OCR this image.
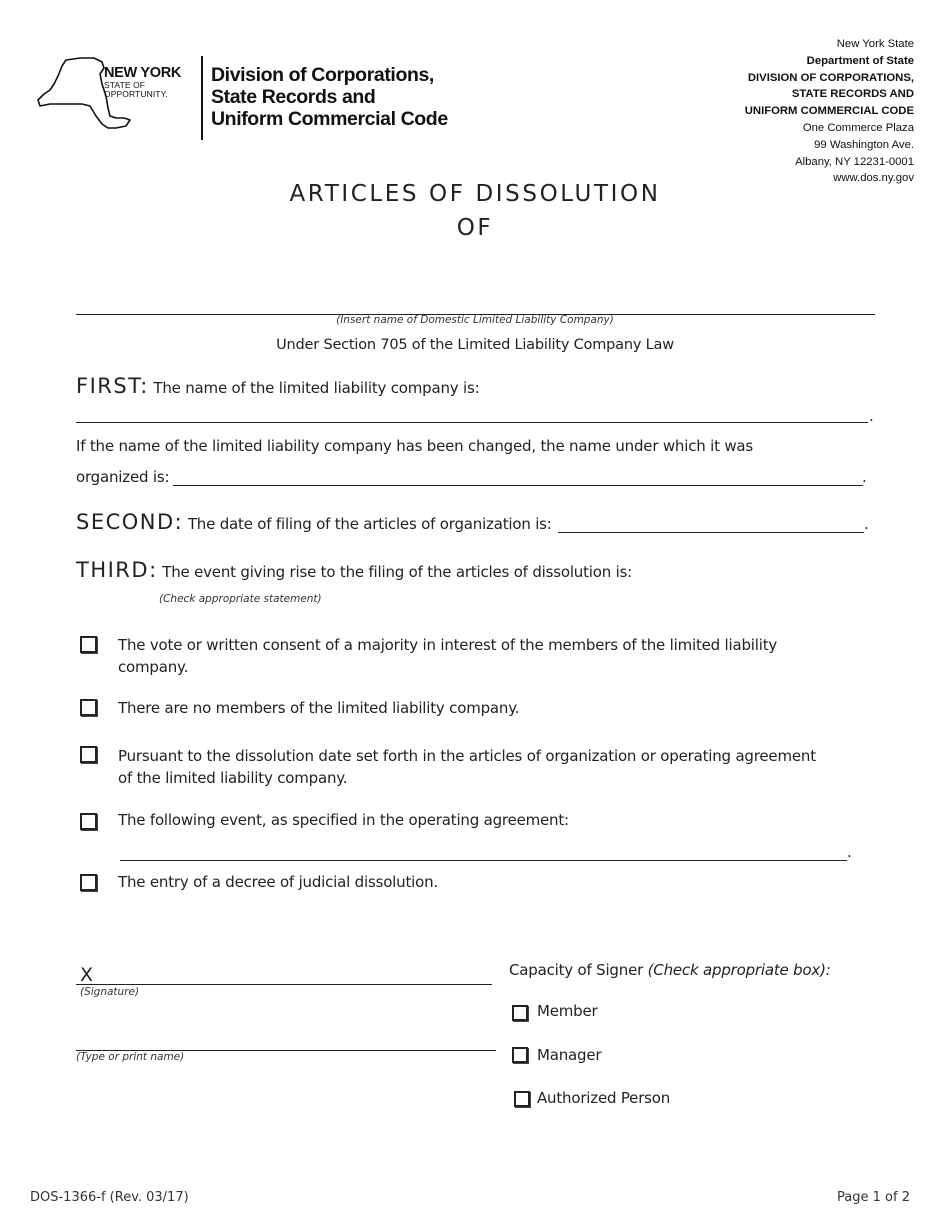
NEW YORK
STATE OF
OPPORTUNITY.
Division of Corporations,
State Records and
Uniform Commercial Code
New York State
Department of State
DIVISION OF CORPORATIONS,
STATE RECORDS AND
UNIFORM COMMERCIAL CODE
One Commerce Plaza
99 Washington Ave.
Albany, NY 12231-0001
www.dos.ny.gov
ARTICLES OF DISSOLUTION
OF
(Insert name of Domestic Limited Liability Company)
Under Section 705 of the Limited Liability Company Law
FIRST: The name of the limited liability company is:
.
If the name of the limited liability company has been changed, the name under which it was
organized is:	.
SECOND: The date of filing of the articles of organization is:	.
THIRD: The event giving rise to the filing of the articles of dissolution is:
(Check appropriate statement)
The vote or written consent of a majority in interest of the members of the limited liability
company.
There are no members of the limited liability company.
Pursuant to the dissolution date set forth in the articles of organization or operating agreement
of the limited liability company.
The following event, as specified in the operating agreement:
.
The entry of a decree of judicial dissolution.
X
(Signature)
(Type or print name)
Capacity of Signer (Check appropriate box):
Member
Manager
Authorized Person
DOS-1366-f (Rev. 03/17)	Page 1 of 2
